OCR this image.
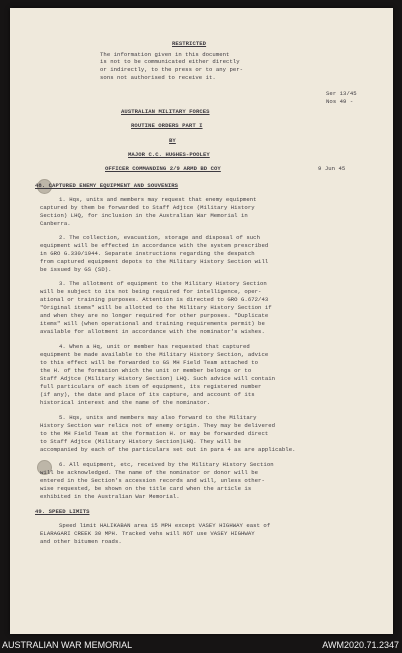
RESTRICTED
The information given in this document
is not to be communicated either directly
or indirectly, to the press or to any per-
sons not authorised to receive it.
Ser 13/45
Nos 49 -
AUSTRALIAN MILITARY FORCES
ROUTINE ORDERS PART I
BY
MAJOR C.C. HUGHES-POOLEY
OFFICER COMMANDING 2/9 ARMD BD COY	9 Jun 45
48. CAPTURED ENEMY EQUIPMENT AND SOUVENIRS
1. Hqs, units and members may request that enemy equipment
captured by them be forwarded to Staff Adjtce (Military History
Section) LHQ, for inclusion in the Australian War Memorial in
Canberra.
2. The collection, evacuation, storage and disposal of such
equipment will be effected in accordance with the system prescribed
in GRO G.330/1944. Separate instructions regarding the despatch
from captured equipment depots to the Military History Section will
be issued by GS (SD).
3. The allotment of equipment to the Military History Section
will be subject to its not being required for intelligence, oper-
ational or training purposes. Attention is directed to GRO G.672/43
"Original items" will be allotted to the Military History Section if
and when they are no longer required for other purposes. "Duplicate
items" will (when operational and training requirements permit) be
available for allotment in accordance with the nominator's wishes.
4. When a Hq, unit or member has requested that captured
equipment be made available to the Military History Section, advice
to this effect will be forwarded to GS MH Field Team attached to
the H. of the formation which the unit or member belongs or to
Staff Adjtce (Military History Section) LHQ. Such advice will contain
full particulars of each item of equipment, its registered number
(if any), the date and place of its capture, and account of its
historical interest and the name of the nominator.
5. Hqs, units and members may also forward to the Military
History Section war relics not of enemy origin. They may be delivered
to the MH Field Team at the formation H. or may be forwarded direct
to Staff Adjtce (Military History Section)LHQ. They will be
accompanied by each of the particulars set out in para 4 as are applicable.
6. All equipment, etc, received by the Military History Section
will be acknowledged. The name of the nominator or donor will be
entered in the Section's accession records and will, unless other-
wise requested, be shown on the title card when the article is
exhibited in the Australian War Memorial.
49. SPEED LIMITS
Speed limit HALIKABAN area 15 MPH except VASEY HIGHWAY east of
ELARAGARI CREEK 30 MPH. Tracked vehs will NOT use VASEY HIGHWAY
and other bitumen roads.
AUSTRALIAN WAR MEMORIAL	AWM2020.71.2347
